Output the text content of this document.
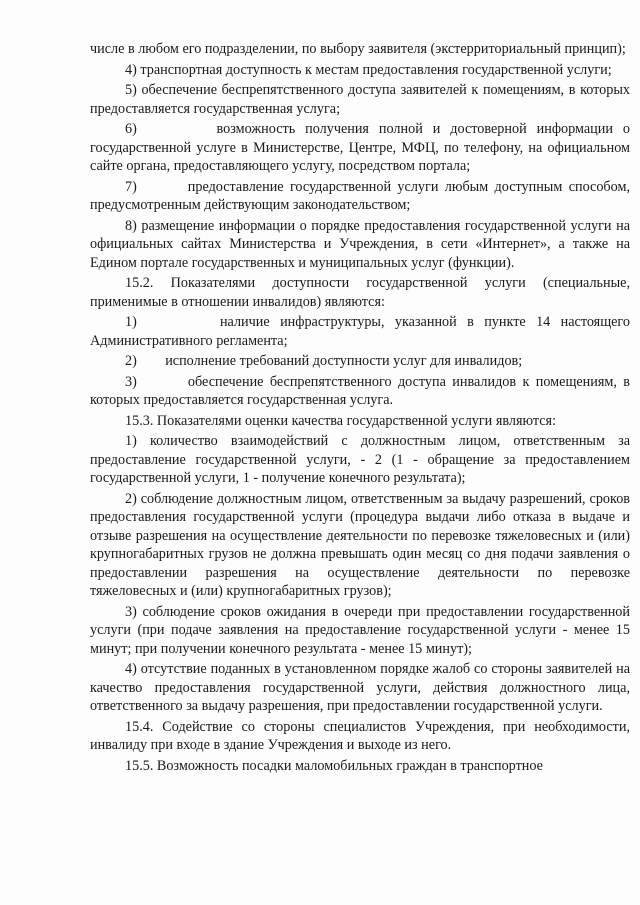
числе в любом его подразделении, по выбору заявителя (экстерриториальный принцип);

4) транспортная доступность к местам предоставления государственной услуги;

5) обеспечение беспрепятственного доступа заявителей к помещениям, в которых предоставляется государственная услуга;

6)        возможность получения полной и достоверной информации о государственной услуге в Министерстве, Центре, МФЦ, по телефону, на официальном сайте органа, предоставляющего услугу, посредством портала;

7)        предоставление государственной услуги любым доступным способом, предусмотренным действующим законодательством;

8) размещение информации о порядке предоставления государственной услуги на официальных сайтах Министерства и Учреждения, в сети «Интернет», а также на Едином портале государственных и муниципальных услуг (функции).

15.2. Показателями доступности государственной услуги (специальные, применимые в отношении инвалидов) являются:

1)        наличие инфраструктуры, указанной в пункте 14 настоящего Административного регламента;

2)        исполнение требований доступности услуг для инвалидов;

3)        обеспечение беспрепятственного доступа инвалидов к помещениям, в которых предоставляется государственная услуга.

15.3. Показателями оценки качества государственной услуги являются:

1) количество взаимодействий с должностным лицом, ответственным за предоставление государственной услуги, - 2 (1 - обращение за предоставлением государственной услуги, 1 - получение конечного результата);

2) соблюдение должностным лицом, ответственным за выдачу разрешений, сроков предоставления государственной услуги (процедура выдачи либо отказа в выдаче и отзыве разрешения на осуществление деятельности по перевозке тяжеловесных и (или) крупногабаритных грузов не должна превышать один месяц со дня подачи заявления о предоставлении разрешения на осуществление деятельности по перевозке тяжеловесных и (или) крупногабаритных грузов);

3) соблюдение сроков ожидания в очереди при предоставлении государственной услуги (при подаче заявления на предоставление государственной услуги - менее 15 минут; при получении конечного результата - менее 15 минут);

4) отсутствие поданных в установленном порядке жалоб со стороны заявителей на качество предоставления государственной услуги, действия должностного лица, ответственного за выдачу разрешения, при предоставлении государственной услуги.

15.4. Содействие со стороны специалистов Учреждения, при необходимости, инвалиду при входе в здание Учреждения и выходе из него.

15.5. Возможность посадки маломобильных граждан в транспортное
